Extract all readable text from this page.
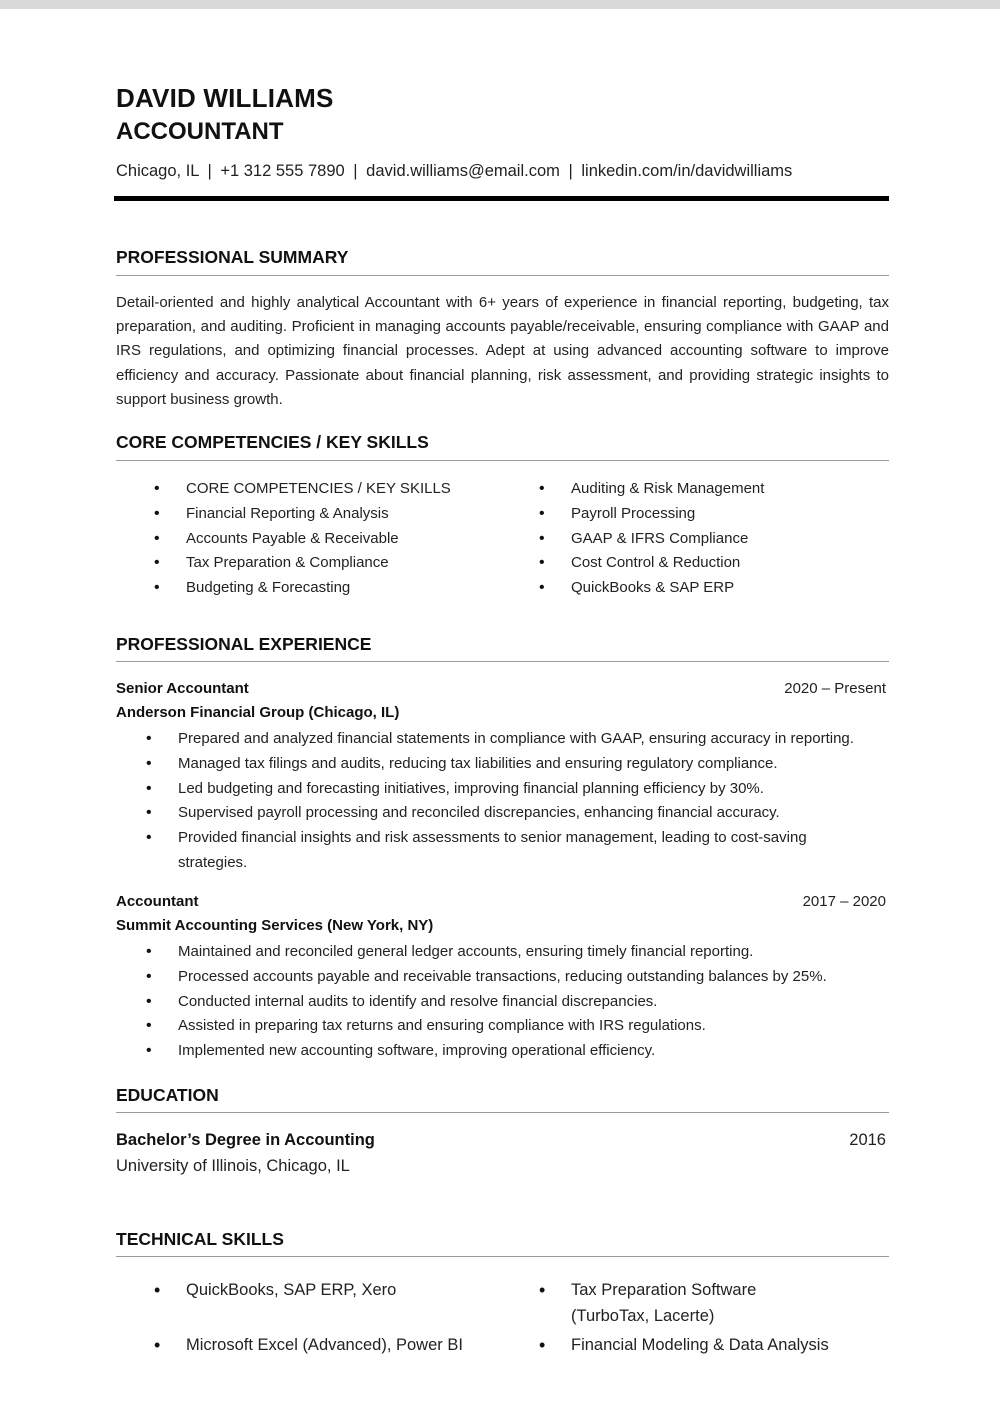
DAVID WILLIAMS
ACCOUNTANT
Chicago, IL | +1 312 555 7890 | david.williams@email.com | linkedin.com/in/davidwilliams
PROFESSIONAL SUMMARY
Detail-oriented and highly analytical Accountant with 6+ years of experience in financial reporting, budgeting, tax preparation, and auditing. Proficient in managing accounts payable/receivable, ensuring compliance with GAAP and IRS regulations, and optimizing financial processes. Adept at using advanced accounting software to improve efficiency and accuracy. Passionate about financial planning, risk assessment, and providing strategic insights to support business growth.
CORE COMPETENCIES / KEY SKILLS
• CORE COMPETENCIES / KEY SKILLS
• Financial Reporting & Analysis
• Accounts Payable & Receivable
• Tax Preparation & Compliance
• Budgeting & Forecasting
• Auditing & Risk Management
• Payroll Processing
• GAAP & IFRS Compliance
• Cost Control & Reduction
• QuickBooks & SAP ERP
PROFESSIONAL EXPERIENCE
Senior Accountant	2020 – Present
Anderson Financial Group (Chicago, IL)
• Prepared and analyzed financial statements in compliance with GAAP, ensuring accuracy in reporting.
• Managed tax filings and audits, reducing tax liabilities and ensuring regulatory compliance.
• Led budgeting and forecasting initiatives, improving financial planning efficiency by 30%.
• Supervised payroll processing and reconciled discrepancies, enhancing financial accuracy.
• Provided financial insights and risk assessments to senior management, leading to cost-saving strategies.
Accountant	2017 – 2020
Summit Accounting Services (New York, NY)
• Maintained and reconciled general ledger accounts, ensuring timely financial reporting.
• Processed accounts payable and receivable transactions, reducing outstanding balances by 25%.
• Conducted internal audits to identify and resolve financial discrepancies.
• Assisted in preparing tax returns and ensuring compliance with IRS regulations.
• Implemented new accounting software, improving operational efficiency.
EDUCATION
Bachelor’s Degree in Accounting	2016
University of Illinois, Chicago, IL
TECHNICAL SKILLS
• QuickBooks, SAP ERP, Xero
• Microsoft Excel (Advanced), Power BI
• Tax Preparation Software (TurboTax, Lacerte)
• Financial Modeling & Data Analysis
